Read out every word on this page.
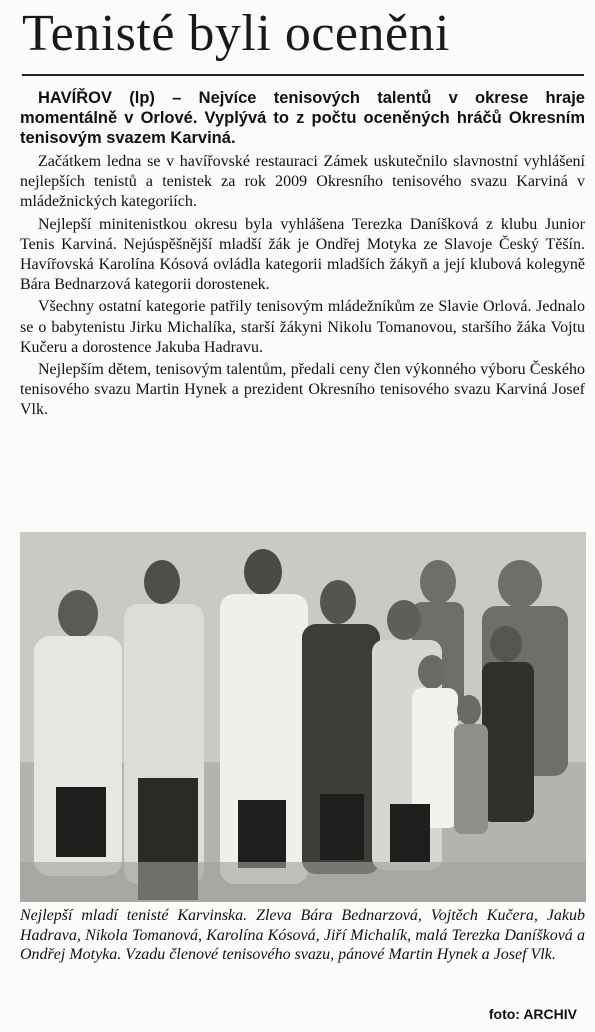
Tenisté byli oceněni
HAVÍŘOV (lp) – Nejvíce tenisových talentů v okrese hraje momentálně v Orlové. Vyplývá to z počtu oceněných hráčů Okresním tenisovým svazem Karviná.

Začátkem ledna se v havířovské restauraci Zámek uskutečnilo slavnostní vyhlášení nejlepších tenistů a tenistek za rok 2009 Okresního tenisového svazu Karviná v mládežnických kategoriích.

Nejlepší minitenistkou okresu byla vyhlášena Terezka Daníšková z klubu Junior Tenis Karviná. Nejúspěšnější mladší žák je Ondřej Motyka ze Slavoje Český Těšín. Havířovská Karolína Kósová ovládla kategorii mladších žákyň a její klubová kolegyně Bára Bednarzová kategorii dorostenek.

Všechny ostatní kategorie patřily tenisovým mládežníkům ze Slavie Orlová. Jednalo se o babytenistu Jirku Michalíka, starší žákyni Nikolu Tomanovou, staršího žáka Vojtu Kučeru a dorostence Jakuba Hadravu.

Nejlepším dětem, tenisovým talentům, předali ceny člen výkonného výboru Českého tenisového svazu Martin Hynek a prezident Okresního tenisového svazu Karviná Josef Vlk.

Nejlepší mladí tenisté Karvinska. Zleva Bára Bednarzová, Vojtěch Kučera, Jakub Hadrava, Nikola Tomanová, Karolína Kósová, Jiří Michalík, malá Terezka Daníšková a Ondřej Motyka. Vzadu členové tenisového svazu, pánové Martin Hynek a Josef Vlk.
foto: ARCHIV
